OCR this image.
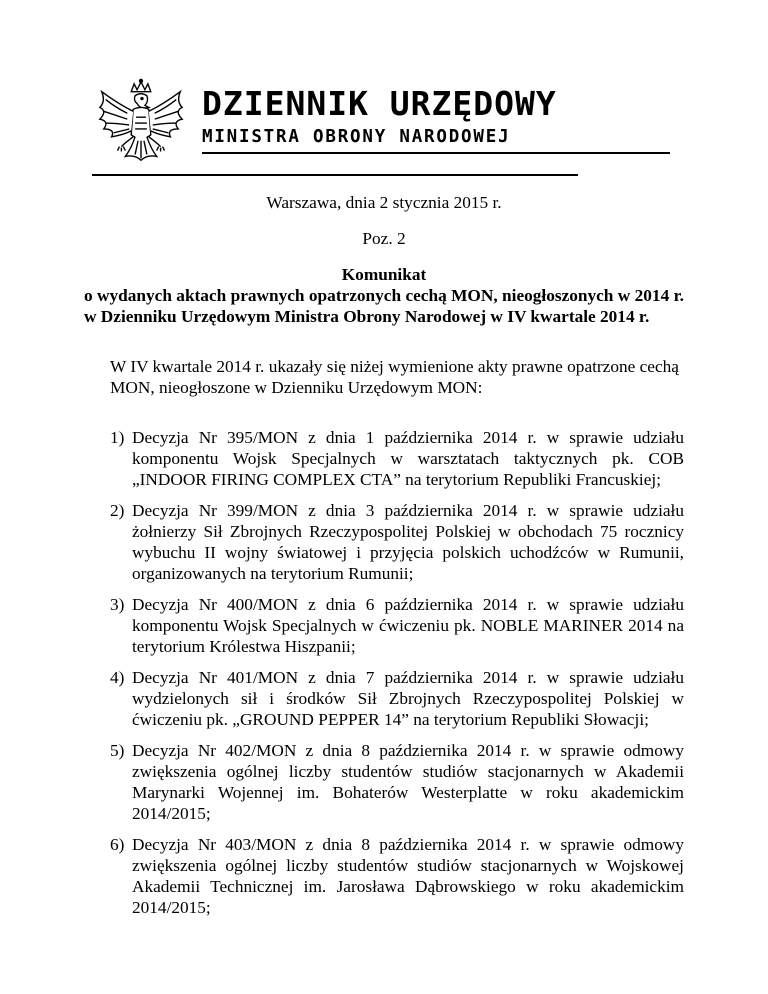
DZIENNIK URZĘDOWY
MINISTRA OBRONY NARODOWEJ
Warszawa, dnia 2 stycznia 2015 r.
Poz. 2
Komunikat
o wydanych aktach prawnych opatrzonych cechą MON, nieogłoszonych w 2014 r. w Dzienniku Urzędowym Ministra Obrony Narodowej w IV kwartale 2014 r.
W IV kwartale 2014 r. ukazały się niżej wymienione akty prawne opatrzone cechą MON, nieogłoszone w Dzienniku Urzędowym MON:
1) Decyzja Nr 395/MON z dnia 1 października 2014 r. w sprawie udziału komponentu Wojsk Specjalnych w warsztatach taktycznych pk. COB „INDOOR FIRING COMPLEX CTA” na terytorium Republiki Francuskiej;
2) Decyzja Nr 399/MON z dnia 3 października 2014 r. w sprawie udziału żołnierzy Sił Zbrojnych Rzeczypospolitej Polskiej w obchodach 75 rocznicy wybuchu II wojny światowej i przyjęcia polskich uchodźców w Rumunii, organizowanych na terytorium Rumunii;
3) Decyzja Nr 400/MON z dnia 6 października 2014 r. w sprawie udziału komponentu Wojsk Specjalnych w ćwiczeniu pk. NOBLE MARINER 2014 na terytorium Królestwa Hiszpanii;
4) Decyzja Nr 401/MON z dnia 7 października 2014 r. w sprawie udziału wydzielonych sił i środków Sił Zbrojnych Rzeczypospolitej Polskiej w ćwiczeniu pk. „GROUND PEPPER 14” na terytorium Republiki Słowacji;
5) Decyzja Nr 402/MON z dnia 8 października 2014 r. w sprawie odmowy zwiększenia ogólnej liczby studentów studiów stacjonarnych w Akademii Marynarki Wojennej im. Bohaterów Westerplatte w roku akademickim 2014/2015;
6) Decyzja Nr 403/MON z dnia 8 października 2014 r. w sprawie odmowy zwiększenia ogólnej liczby studentów studiów stacjonarnych w Wojskowej Akademii Technicznej im. Jarosława Dąbrowskiego w roku akademickim 2014/2015;
